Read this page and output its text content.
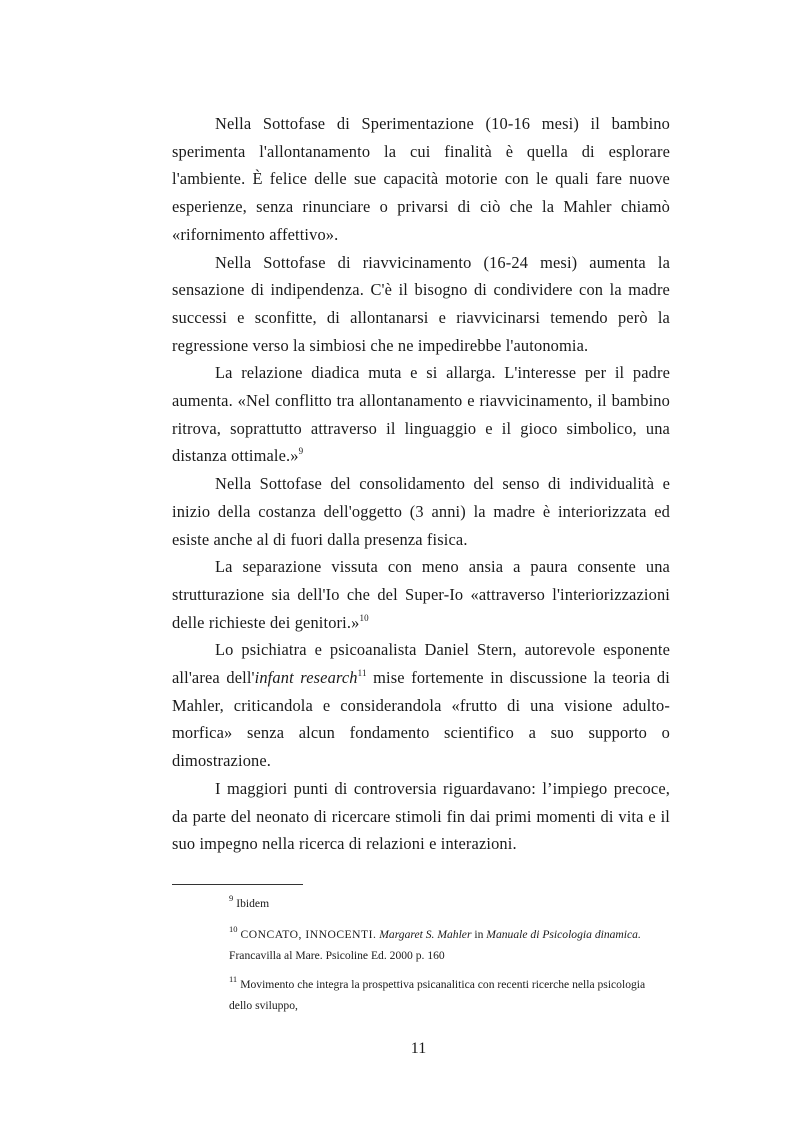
Nella Sottofase di Sperimentazione (10-16 mesi) il bambino sperimenta l'allontanamento la cui finalità è quella di esplorare l'ambiente. È felice delle sue capacità motorie con le quali fare nuove esperienze, senza rinunciare o privarsi di ciò che la Mahler chiamò «rifornimento affettivo».

Nella Sottofase di riavvicinamento (16-24 mesi) aumenta la sensazione di indipendenza. C'è il bisogno di condividere con la madre successi e sconfitte, di allontanarsi e riavvicinarsi temendo però la regressione verso la simbiosi che ne impedirebbe l'autonomia.

La relazione diadica muta e si allarga. L'interesse per il padre aumenta. «Nel conflitto tra allontanamento e riavvicinamento, il bambino ritrova, soprattutto attraverso il linguaggio e il gioco simbolico, una distanza ottimale.»$^9$

Nella Sottofase del consolidamento del senso di individualità e inizio della costanza dell'oggetto (3 anni) la madre è interiorizzata ed esiste anche al di fuori dalla presenza fisica.

La separazione vissuta con meno ansia a paura consente una strutturazione sia dell'Io che del Super-Io «attraverso l'interiorizzazioni delle richieste dei genitori.»$^{10}$

Lo psichiatra e psicoanalista Daniel Stern, autorevole esponente all'area dell'infant research$^{11}$ mise fortemente in discussione la teoria di Mahler, criticandola e considerandola «frutto di una visione adulto-morfica» senza alcun fondamento scientifico a suo supporto o dimostrazione.

I maggiori punti di controversia riguardavano: l’impiego precoce, da parte del neonato di ricercare stimoli fin dai primi momenti di vita e il suo impegno nella ricerca di relazioni e interazioni.

$^9$ Ibidem
$^{10}$ CONCATO, INNOCENTI. Margaret S. Mahler in Manuale di Psicologia dinamica.
Francavilla al Mare. Psicoline Ed. 2000 p. 160
$^{11}$ Movimento che integra la prospettiva psicanalitica con recenti ricerche nella psicologia dello sviluppo,
11
